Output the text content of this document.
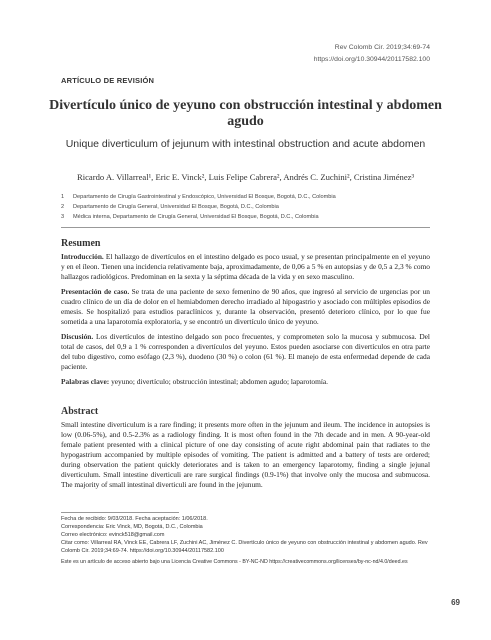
Rev Colomb Cir. 2019;34:69-74
https://doi.org/10.30944/20117582.100
ARTÍCULO DE REVISIÓN
Divertículo único de yeyuno con obstrucción intestinal y abdomen agudo
Unique diverticulum of jejunum with intestinal obstruction and acute abdomen
Ricardo A. Villarreal¹, Eric E. Vinck², Luis Felipe Cabrera², Andrés C. Zuchini², Cristina Jiménez³
1	Departamento de Cirugía Gastrointestinal y Endoscópico, Universidad El Bosque, Bogotá, D.C., Colombia
2	Departamento de Cirugía General, Universidad El Bosque, Bogotá, D.C., Colombia
3	Médica interna, Departamento de Cirugía General, Universidad El Bosque, Bogotá, D.C., Colombia
Resumen

Introducción. El hallazgo de divertículos en el intestino delgado es poco usual, y se presentan principalmente en el yeyuno y en el íleon. Tienen una incidencia relativamente baja, aproximadamente, de 0,06 a 5 % en autopsias y de 0,5 a 2,3 % como hallazgos radiológicos. Predominan en la sexta y la séptima década de la vida y en sexo masculino.

Presentación de caso. Se trata de una paciente de sexo femenino de 90 años, que ingresó al servicio de urgencias por un cuadro clínico de un día de dolor en el hemiabdomen derecho irradiado al hipogastrio y asociado con múltiples episodios de emesis. Se hospitalizó para estudios paraclínicos y, durante la observación, presentó deterioro clínico, por lo que fue sometida a una laparotomía exploratoria, y se encontró un divertículo único de yeyuno.

Discusión. Los divertículos de intestino delgado son poco frecuentes, y comprometen solo la mucosa y submucosa. Del total de casos, del 0,9 a 1 % corresponden a divertículos del yeyuno. Estos pueden asociarse con divertículos en otra parte del tubo digestivo, como esófago (2,3 %), duodeno (30 %) o colon (61 %). El manejo de esta enfermedad depende de cada paciente.

Palabras clave: yeyuno; divertículo; obstrucción intestinal; abdomen agudo; laparotomía.

Abstract
Small intestine diverticulum is a rare finding; it presents more often in the jejunum and ileum. The incidence in autopsies is low (0.06-5%), and 0.5-2.3% as a radiology finding. It is most often found in the 7th decade and in men. A 90-year-old female patient presented with a clinical picture of one day consisting of acute right abdominal pain that radiates to the hypogastrium accompanied by multiple episodes of vomiting. The patient is admitted and a battery of tests are ordered; during observation the patient quickly deteriorates and is taken to an emergency laparotomy, finding a single jejunal diverticulum. Small intestine diverticuli are rare surgical findings (0.9-1%) that involve only the mucosa and submucosa. The majority of small intestinal diverticuli are found in the jejunum.
Fecha de recibido: 9/03/2018. Fecha aceptación: 1/06/2018.
Correspondencia: Eric Vinck, MD, Bogotá, D.C., Colombia
Correo electrónico: evinck518@gmail.com
Citar como: Villarreal RA, Vinck EE, Cabrera LF, Zuchini AC, Jiménez C. Divertículo único de yeyuno con obstrucción intestinal y abdomen agudo. Rev Colomb Cir. 2019;34:69-74. https://doi.org/10.30944/20117582.100
Este es un artículo de acceso abierto bajo una Licencia Creative Commons - BY-NC-ND https://creativecommons.org/licenses/by-nc-nd/4.0/deed.es
69
